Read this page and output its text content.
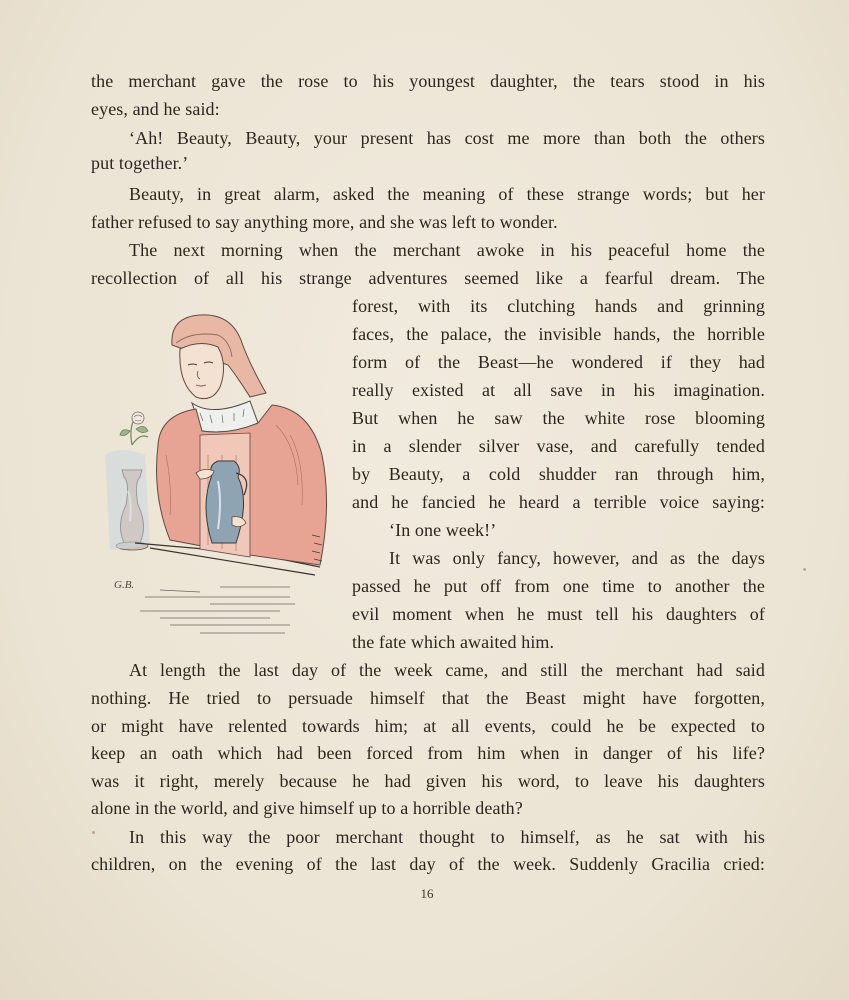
the merchant gave the rose to his youngest daughter, the tears stood in his
eyes, and he said:
‘Ah! Beauty, Beauty, your present has cost me more than both the others
put together.’
Beauty, in great alarm, asked the meaning of these strange words; but her
father refused to say anything more, and she was left to wonder.
The next morning when the merchant awoke in his peaceful home the
recollection of all his strange adventures seemed like a fearful dream. The
forest, with its clutching hands and grinning
faces, the palace, the invisible hands, the horrible
form of the Beast—he wondered if they had
really existed at all save in his imagination.
But when he saw the white rose blooming
in a slender silver vase, and carefully tended
by Beauty, a cold shudder ran through him,
and he fancied he heard a terrible voice saying:
‘In one week!’
It was only fancy, however, and as the days
passed he put off from one time to another the
evil moment when he must tell his daughters of
the fate which awaited him.
At length the last day of the week came, and still the merchant had said
nothing. He tried to persuade himself that the Beast might have forgotten,
or might have relented towards him; at all events, could he be expected to
keep an oath which had been forced from him when in danger of his life?
was it right, merely because he had given his word, to leave his daughters
alone in the world, and give himself up to a horrible death?
In this way the poor merchant thought to himself, as he sat with his
children, on the evening of the last day of the week. Suddenly Gracilia cried:
16
G.B.
